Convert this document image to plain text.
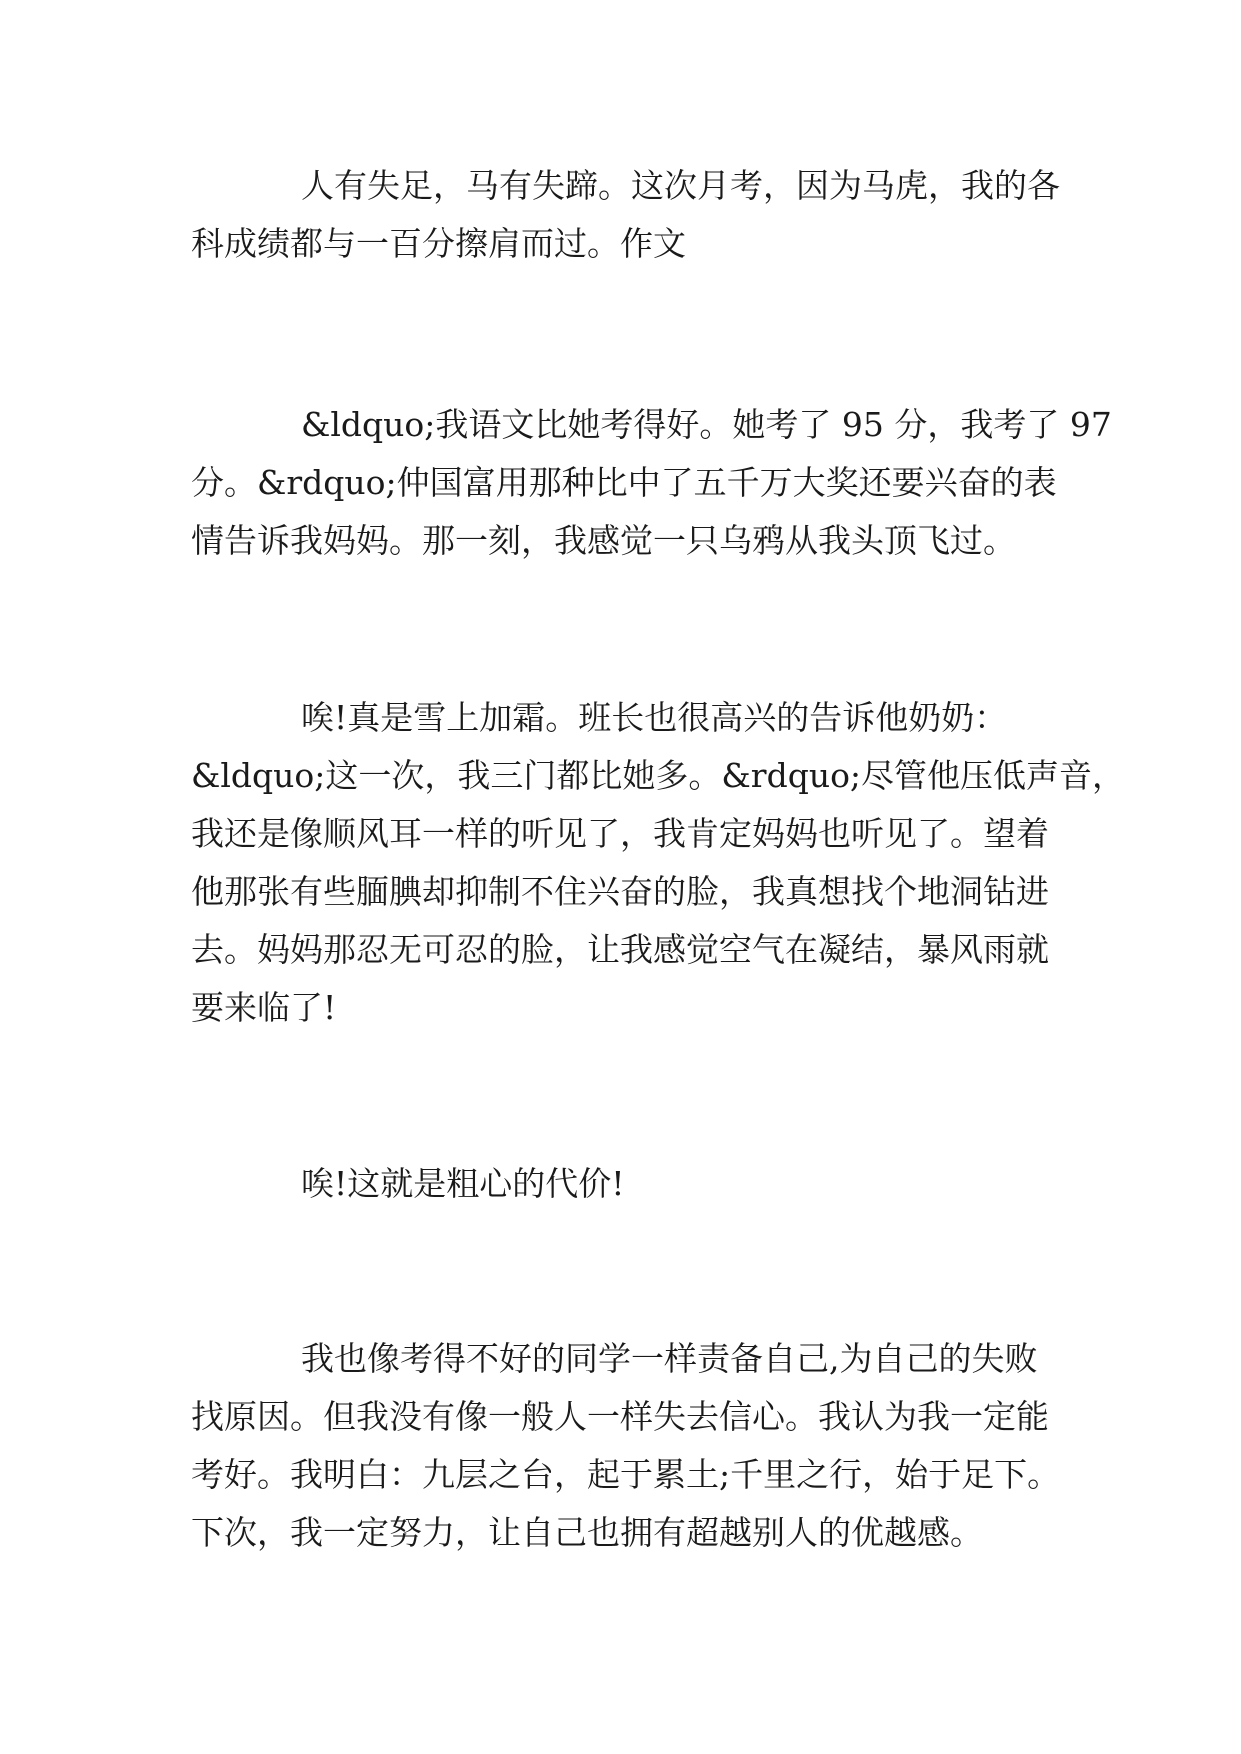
人有失足，马有失蹄。这次月考，因为马虎，我的各
科成绩都与一百分擦肩而过。作文
&ldquo;我语文比她考得好。她考了 95 分，我考了 97
分。&rdquo;仲国富用那种比中了五千万大奖还要兴奋的表
情告诉我妈妈。那一刻，我感觉一只乌鸦从我头顶飞过。
唉!真是雪上加霜。班长也很高兴的告诉他奶奶：
&ldquo;这一次，我三门都比她多。&rdquo;尽管他压低声音，
我还是像顺风耳一样的听见了，我肯定妈妈也听见了。望着
他那张有些腼腆却抑制不住兴奋的脸，我真想找个地洞钻进
去。妈妈那忍无可忍的脸，让我感觉空气在凝结，暴风雨就
要来临了!
唉!这就是粗心的代价!
我也像考得不好的同学一样责备自己,为自己的失败
找原因。但我没有像一般人一样失去信心。我认为我一定能
考好。我明白：九层之台，起于累土;千里之行，始于足下。
下次，我一定努力，让自己也拥有超越别人的优越感。
